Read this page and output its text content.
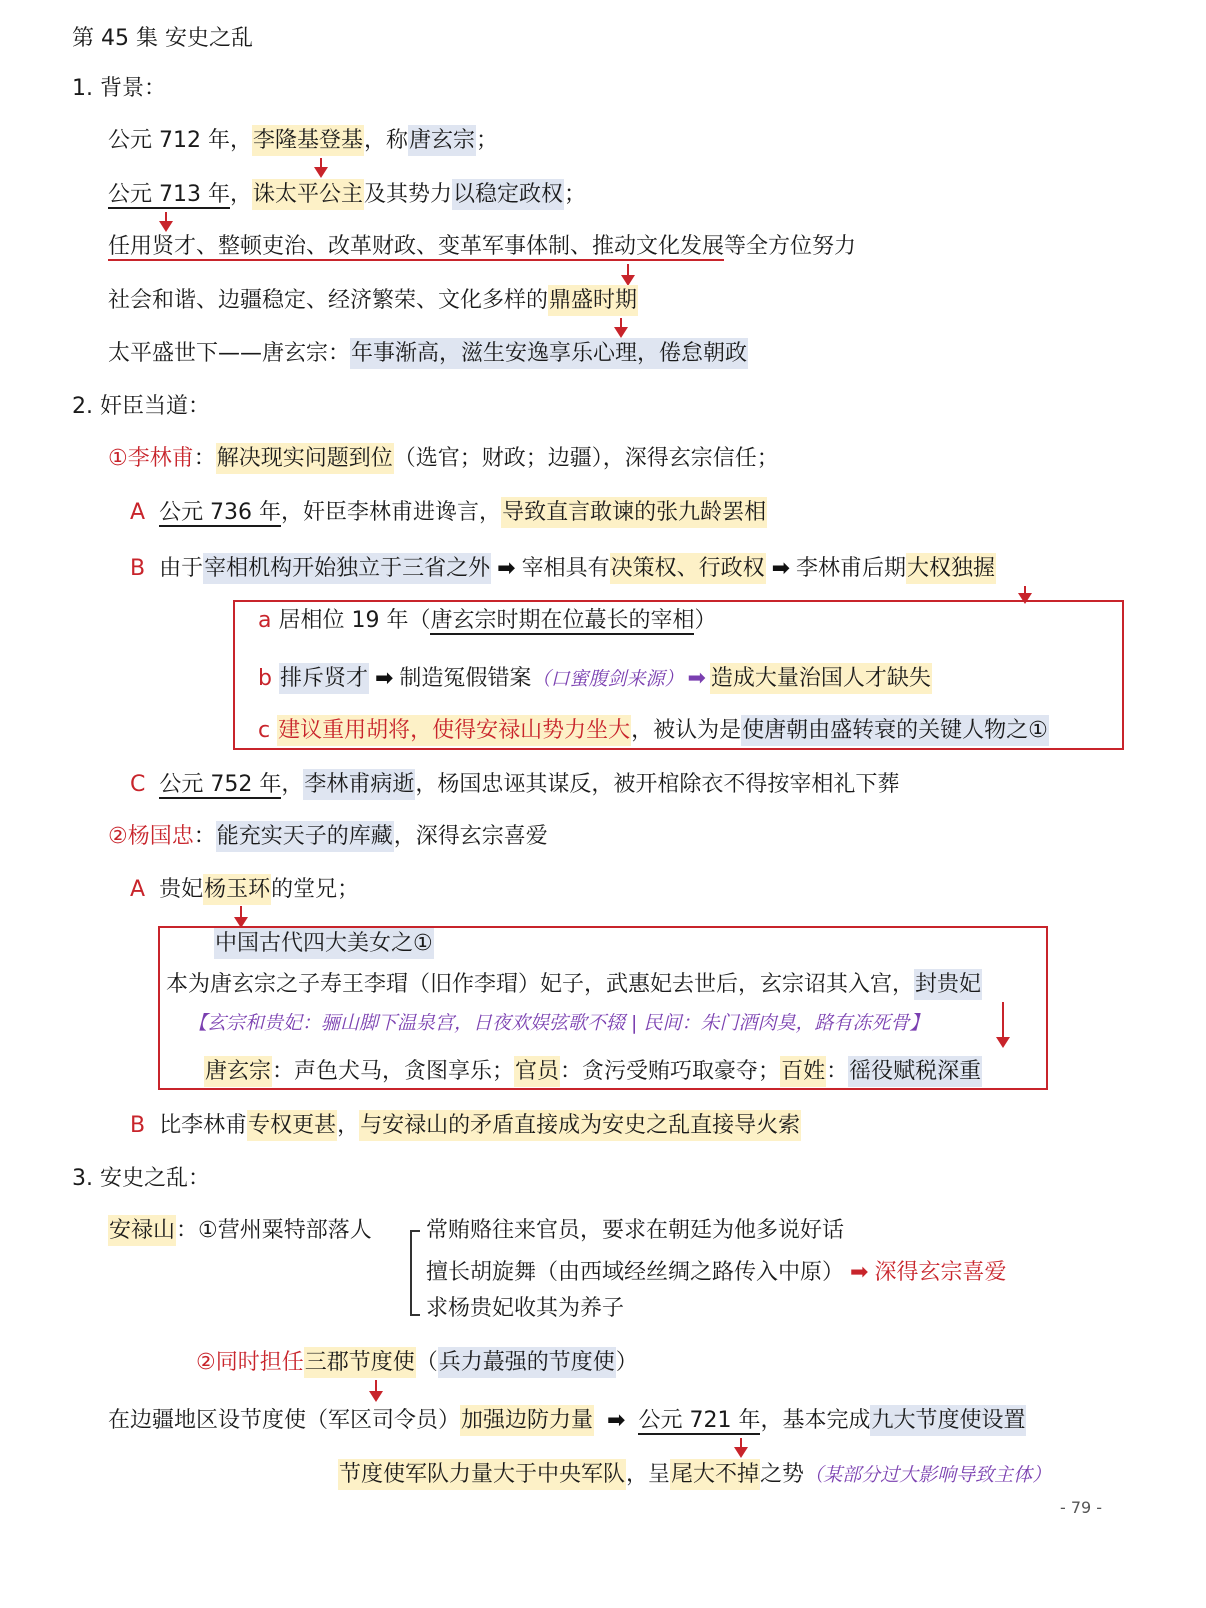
第 45 集 安史之乱
1. 背景：
公元 712 年，李隆基登基，称唐玄宗；
公元 713 年，诛太平公主及其势力以稳定政权；
任用贤才、整顿吏治、改革财政、变革军事体制、推动文化发展等全方位努力
社会和谐、边疆稳定、经济繁荣、文化多样的鼎盛时期
太平盛世下——唐玄宗：年事渐高，滋生安逸享乐心理，倦怠朝政
2. 奸臣当道：
①李林甫：解决现实问题到位（选官；财政；边疆），深得玄宗信任；
A 公元 736 年，奸臣李林甫进谗言，导致直言敢谏的张九龄罢相
B 由于宰相机构开始独立于三省之外 ➡ 宰相具有决策权、行政权 ➡ 李林甫后期大权独握
a 居相位 19 年（唐玄宗时期在位蕞长的宰相）
b 排斥贤才 ➡ 制造冤假错案（口蜜腹剑来源） ➡ 造成大量治国人才缺失
c 建议重用胡将，使得安禄山势力坐大，被认为是使唐朝由盛转衰的关键人物之①
C 公元 752 年，李林甫病逝，杨国忠诬其谋反，被开棺除衣不得按宰相礼下葬
②杨国忠：能充实天子的库藏，深得玄宗喜爱
A 贵妃杨玉环的堂兄；
中国古代四大美女之①
本为唐玄宗之子寿王李瑁（旧作李瑁）妃子，武惠妃去世后，玄宗诏其入宫，封贵妃
【玄宗和贵妃：骊山脚下温泉宫，日夜欢娱弦歌不辍 | 民间：朱门酒肉臭，路有冻死骨】
唐玄宗：声色犬马，贪图享乐；官员：贪污受贿巧取豪夺；百姓：徭役赋税深重
B 比李林甫专权更甚，与安禄山的矛盾直接成为安史之乱直接导火索
3. 安史之乱：
安禄山：①营州粟特部落人 常贿赂往来官员，要求在朝廷为他多说好话
擅长胡旋舞（由西域经丝绸之路传入中原） ➡ 深得玄宗喜爱
求杨贵妃收其为养子
②同时担任三郡节度使（兵力蕞强的节度使）
在边疆地区设节度使（军区司令员）加强边防力量 ➡ 公元 721 年，基本完成九大节度使设置
节度使军队力量大于中央军队，呈尾大不掉之势（某部分过大影响导致主体）
- 79 -
